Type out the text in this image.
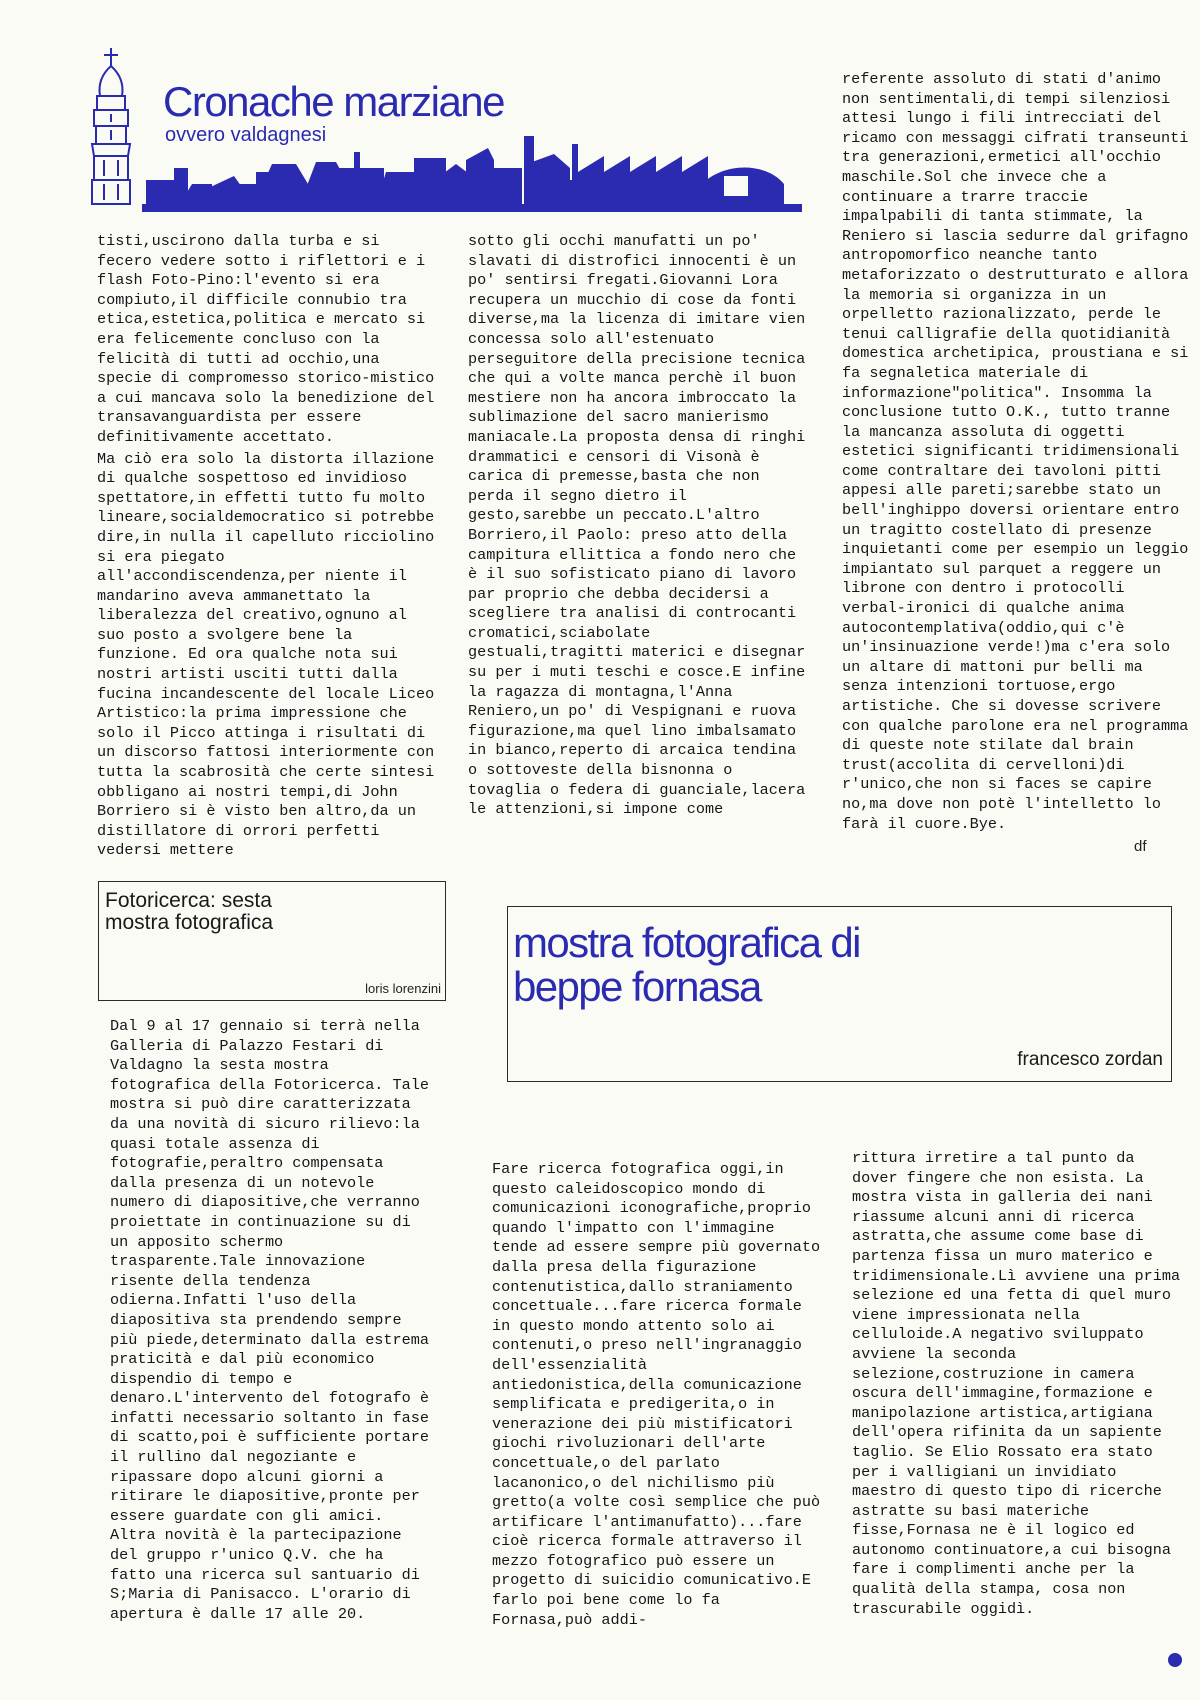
Cronache marziane
ovvero valdagnesi

tisti,uscirono dalla turba e si fecero vedere sotto i riflettori e i flash Foto-Pino:l'evento si era compiuto,il difficile connubio tra etica,estetica,politica e mercato si era felicemente concluso con la felicità di tutti ad occhio,una specie di compromesso storico-mistico a cui mancava solo la benedizione del transavanguardista per essere definitivamente accettato.

Ma ciò era solo la distorta illazione di qualche sospettoso ed invidioso spettatore,in effetti tutto fu molto lineare,socialdemocratico si potrebbe dire,in nulla il capelluto ricciolino si era piegato all'accondiscendenza,per niente il mandarino aveva ammanettato la liberalezza del creativo,ognuno al suo posto a svolgere bene la funzione. Ed ora qualche nota sui nostri artisti usciti tutti dalla fucina incandescente del locale Liceo Artistico:la prima impressione che solo il Picco attinga i risultati di un discorso fattosi interiormente con tutta la scabrosità che certe sintesi obbligano ai nostri tempi,di John Borriero si è visto ben altro,da un distillatore di orrori perfetti vedersi mettere

sotto gli occhi manufatti un po' slavati di distrofici innocenti è un po' sentirsi fregati.Giovanni Lora recupera un mucchio di cose da fonti diverse,ma la licenza di imitare vien concessa solo all'estenuato perseguitore della precisione tecnica che qui a volte manca perchè il buon mestiere non ha ancora imbroccato la sublimazione del sacro manierismo maniacale.La proposta densa di ringhi drammatici e censori di Visonà è carica di premesse,basta che non perda il segno dietro il gesto,sarebbe un peccato.L'altro Borriero,il Paolo: preso atto della campitura ellittica a fondo nero che è il suo sofisticato piano di lavoro par proprio che debba decidersi a scegliere tra analisi di controcanti cromatici,sciabolate gestuali,tragitti materici e disegnar su per i muti teschi e cosce.E infine la ragazza di montagna,l'Anna Reniero,un po' di Vespignani e ruova figurazione,ma quel lino imbalsamato in bianco,reperto di arcaica tendina o sottoveste della bisnonna o tovaglia o federa di guanciale,lacera le attenzioni,si impone come

referente assoluto di stati d'animo non sentimentali,di tempi silenziosi attesi lungo i fili intrecciati del ricamo con messaggi cifrati transeunti tra generazioni,ermetici all'occhio maschile.Sol che invece che a continuare a trarre traccie impalpabili di tanta stimmate, la Reniero si lascia sedurre dal grifagno antropomorfico neanche tanto metaforizzato o destrutturato e allora la memoria si organizza in un orpelletto razionalizzato, perde le tenui calligrafie della quotidianità domestica archetipica, proustiana e si fa segnaletica materiale di informazione"politica". Insomma la conclusione tutto O.K., tutto tranne la mancanza assoluta di oggetti estetici significanti tridimensionali come contraltare dei tavoloni pitti appesi alle pareti;sarebbe stato un bell'inghippo doversi orientare entro un tragitto costellato di presenze inquietanti come per esempio un leggio impiantato sul parquet a reggere un librone con dentro i protocolli verbal-ironici di qualche anima autocontemplativa(oddio,qui c'è un'insinuazione verde!)ma c'era solo un altare di mattoni pur belli ma senza intenzioni tortuose,ergo artistiche. Che si dovesse scrivere con qualche parolone era nel programma di queste note stilate dal brain trust(accolita di cervelloni)di r'unico,che non si faces se capire no,ma dove non potè l'intelletto lo farà il cuore.Bye.

df
Fotoricerca: sesta
mostra fotografica
loris lorenzini

Dal 9 al 17 gennaio si terrà nella Galleria di Palazzo Festari di Valdagno la sesta mostra fotografica della Fotoricerca. Tale mostra si può dire caratterizzata da una novità di sicuro rilievo:la quasi totale assenza di fotografie,peraltro compensata dalla presenza di un notevole numero di diapositive,che verranno proiettate in continuazione su di un apposito schermo trasparente.Tale innovazione risente della tendenza odierna.Infatti l'uso della diapositiva sta prendendo sempre più piede,determinato dalla estrema praticità e dal più economico dispendio di tempo e denaro.L'intervento del fotografo è infatti necessario soltanto in fase di scatto,poi è sufficiente portare il rullino dal negoziante e ripassare dopo alcuni giorni a ritirare le diapositive,pronte per essere guardate con gli amici. Altra novità è la partecipazione del gruppo r'unico Q.V. che ha fatto una ricerca sul santuario di S;Maria di Panisacco. L'orario di apertura è dalle 17 alle 20.

mostra fotografica di
beppe fornasa
francesco zordan

Fare ricerca fotografica oggi,in questo caleidoscopico mondo di comunicazioni iconografiche,proprio quando l'impatto con l'immagine tende ad essere sempre più governato dalla presa della figurazione contenutistica,dallo straniamento concettuale...fare ricerca formale in questo mondo attento solo ai contenuti,o preso nell'ingranaggio dell'essenzialità antiedonistica,della comunicazione semplificata e predigerita,o in venerazione dei più mistificatori giochi rivoluzionari dell'arte concettuale,o del parlato lacanonico,o del nichilismo più gretto(a volte così semplice che può artificare l'antimanufatto)...fare cioè ricerca formale attraverso il mezzo fotografico può essere un progetto di suicidio comunicativo.E farlo poi bene come lo fa Fornasa,può addi-

rittura irretire a tal punto da dover fingere che non esista. La mostra vista in galleria dei nani riassume alcuni anni di ricerca astratta,che assume come base di partenza fissa un muro materico e tridimensionale.Lì avviene una prima selezione ed una fetta di quel muro viene impressionata nella celluloide.A negativo sviluppato avviene la seconda selezione,costruzione in camera oscura dell'immagine,formazione e manipolazione artistica,artigiana dell'opera rifinita da un sapiente taglio. Se Elio Rossato era stato per i valligiani un invidiato maestro di questo tipo di ricerche astratte su basi materiche fisse,Fornasa ne è il logico ed autonomo continuatore,a cui bisogna fare i complimenti anche per la qualità della stampa, cosa non trascurabile oggidì.
